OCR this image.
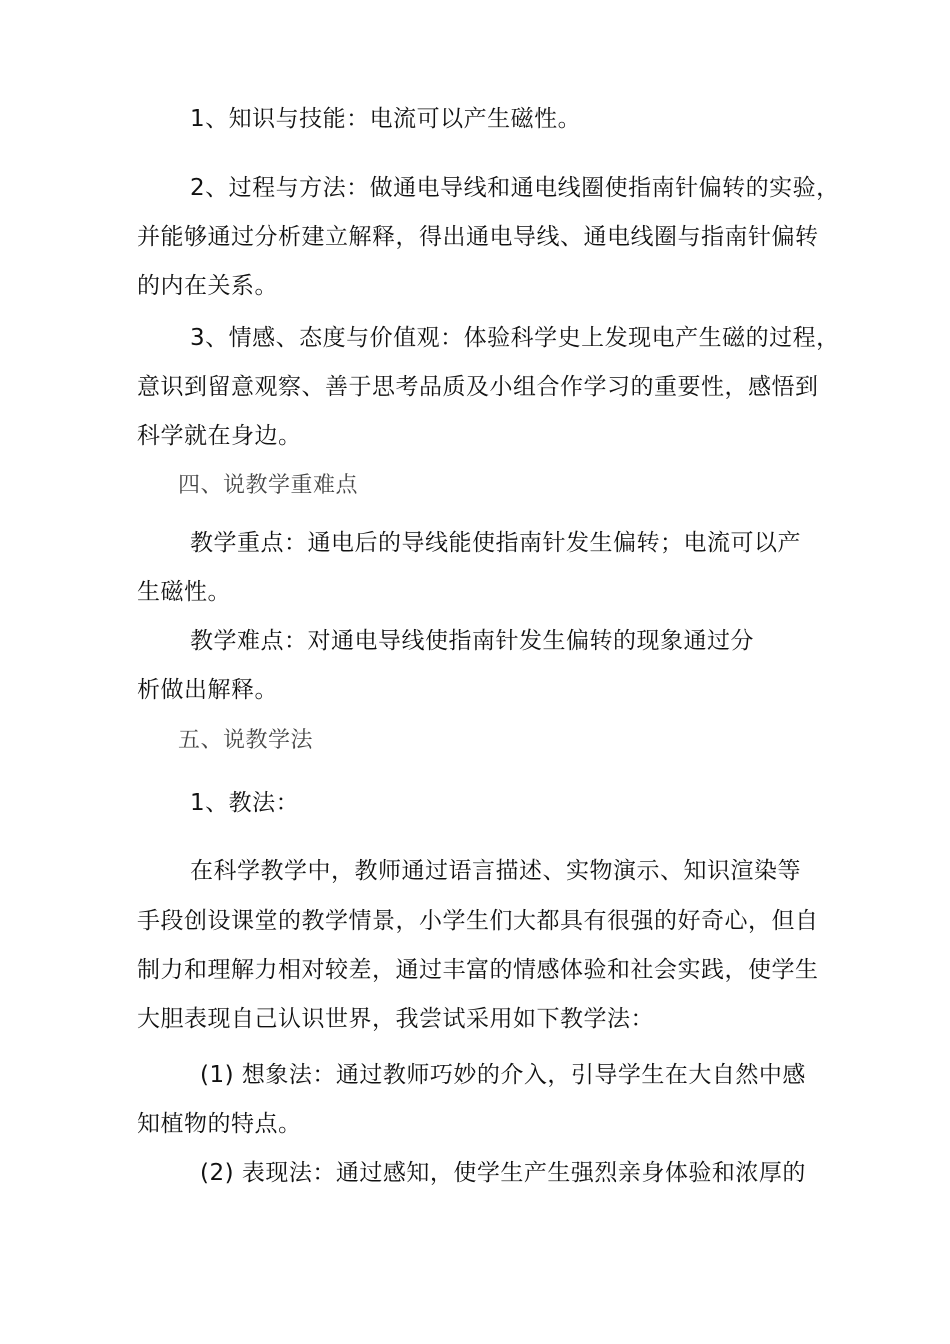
1、知识与技能：电流可以产生磁性。
2、过程与方法：做通电导线和通电线圈使指南针偏转的实验，
并能够通过分析建立解释，得出通电导线、通电线圈与指南针偏转
的内在关系。
3、情感、态度与价值观：体验科学史上发现电产生磁的过程，
意识到留意观察、善于思考品质及小组合作学习的重要性，感悟到
科学就在身边。
四、说教学重难点
教学重点：通电后的导线能使指南针发生偏转；电流可以产
生磁性。
教学难点：对通电导线使指南针发生偏转的现象通过分
析做出解释。
五、说教学法
1、教法：
在科学教学中，教师通过语言描述、实物演示、知识渲染等
手段创设课堂的教学情景，小学生们大都具有很强的好奇心，但自
制力和理解力相对较差，通过丰富的情感体验和社会实践，使学生
大胆表现自己认识世界，我尝试采用如下教学法：
(1) 想象法：通过教师巧妙的介入，引导学生在大自然中感
知植物的特点。
(2) 表现法：通过感知，使学生产生强烈亲身体验和浓厚的
